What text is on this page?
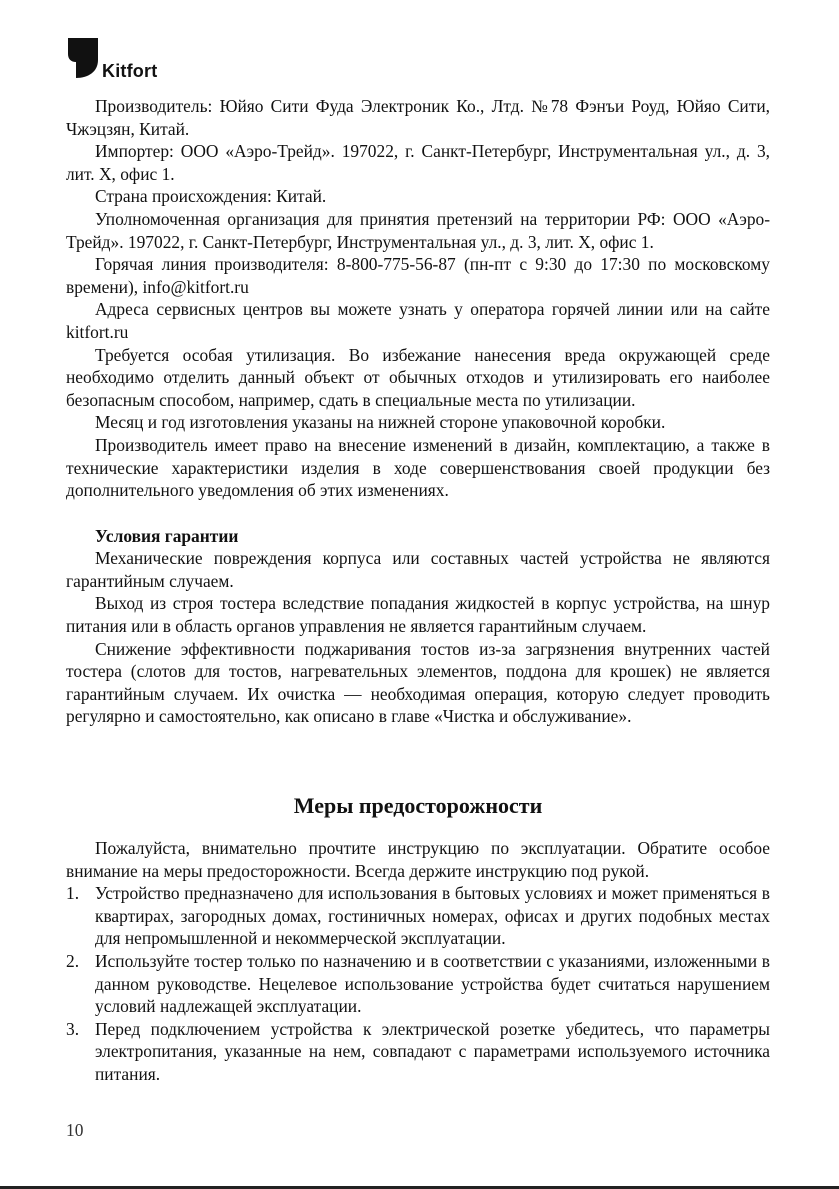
Kitfort

Производитель: Юйяо Сити Фуда Электроник Ко., Лтд. №78 Фэнъи Роуд, Юйяо Сити, Чжэцзян, Китай.

Импортер: ООО «Аэро-Трейд». 197022, г. Санкт-Петербург, Инструментальная ул., д. 3, лит. Х, офис 1.

Страна происхождения: Китай.

Уполномоченная организация для принятия претензий на территории РФ: ООО «Аэро-Трейд». 197022, г. Санкт-Петербург, Инструментальная ул., д. 3, лит. Х, офис 1.

Горячая линия производителя: 8-800-775-56-87 (пн-пт с 9:30 до 17:30 по московскому времени), info@kitfort.ru

Адреса сервисных центров вы можете узнать у оператора горячей линии или на сайте kitfort.ru

Требуется особая утилизация. Во избежание нанесения вреда окружающей среде необходимо отделить данный объект от обычных отходов и утилизировать его наиболее безопасным способом, например, сдать в специальные места по утилизации.

Месяц и год изготовления указаны на нижней стороне упаковочной коробки.

Производитель имеет право на внесение изменений в дизайн, комплектацию, а также в технические характеристики изделия в ходе совершенствования своей продукции без дополнительного уведомления об этих изменениях.

Условия гарантии

Механические повреждения корпуса или составных частей устройства не являются гарантийным случаем.

Выход из строя тостера вследствие попадания жидкостей в корпус устройства, на шнур питания или в область органов управления не является гарантийным случаем.

Снижение эффективности поджаривания тостов из-за загрязнения внутренних частей тостера (слотов для тостов, нагревательных элементов, поддона для крошек) не является гарантийным случаем. Их очистка — необходимая операция, которую следует проводить регулярно и самостоятельно, как описано в главе «Чистка и обслуживание».

Меры предосторожности

Пожалуйста, внимательно прочтите инструкцию по эксплуатации. Обратите особое внимание на меры предосторожности. Всегда держите инструкцию под рукой.

1. Устройство предназначено для использования в бытовых условиях и может применяться в квартирах, загородных домах, гостиничных номерах, офисах и других подобных местах для непромышленной и некоммерческой эксплуатации.
2. Используйте тостер только по назначению и в соответствии с указаниями, изложенными в данном руководстве. Нецелевое использование устройства будет считаться нарушением условий надлежащей эксплуатации.
3. Перед подключением устройства к электрической розетке убедитесь, что параметры электропитания, указанные на нем, совпадают с параметрами используемого источника питания.
10
